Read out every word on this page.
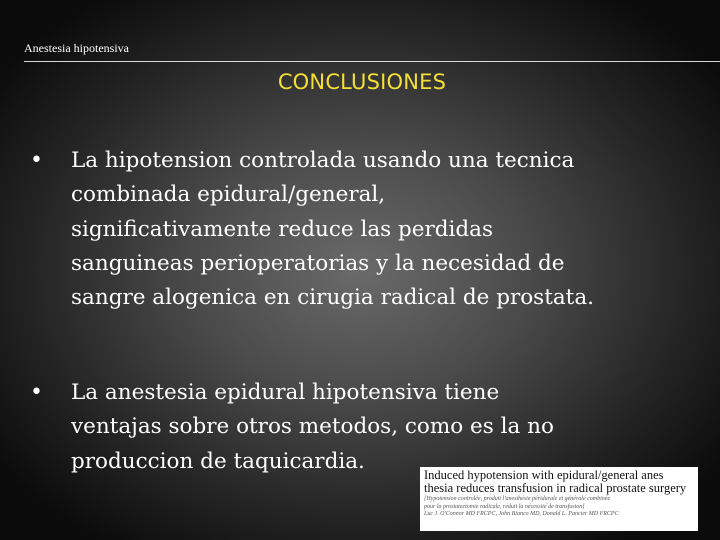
Anestesia hipotensiva
CONCLUSIONES
• La hipotension controlada usando una tecnica
combinada epidural/general,
significativamente reduce las perdidas
sanguineas perioperatorias y la necesidad de
sangre alogenica en cirugia radical de prostata.

• La anestesia epidural hipotensiva tiene
ventajas sobre otros metodos, como es la no
produccion de taquicardia.

Induced hypotension with epidural/general anes
thesia reduces transfusion in radical prostate surgery
[Hypotension controlée, produit l'anesthésie péridurale et générale combinée
pour la prostatectomie radicale, réduit la nécessité de transfusion]
Luc J. O'Connor MD FRCPC, John Bianco MD, Donald L. Pancier MD FRCPC
